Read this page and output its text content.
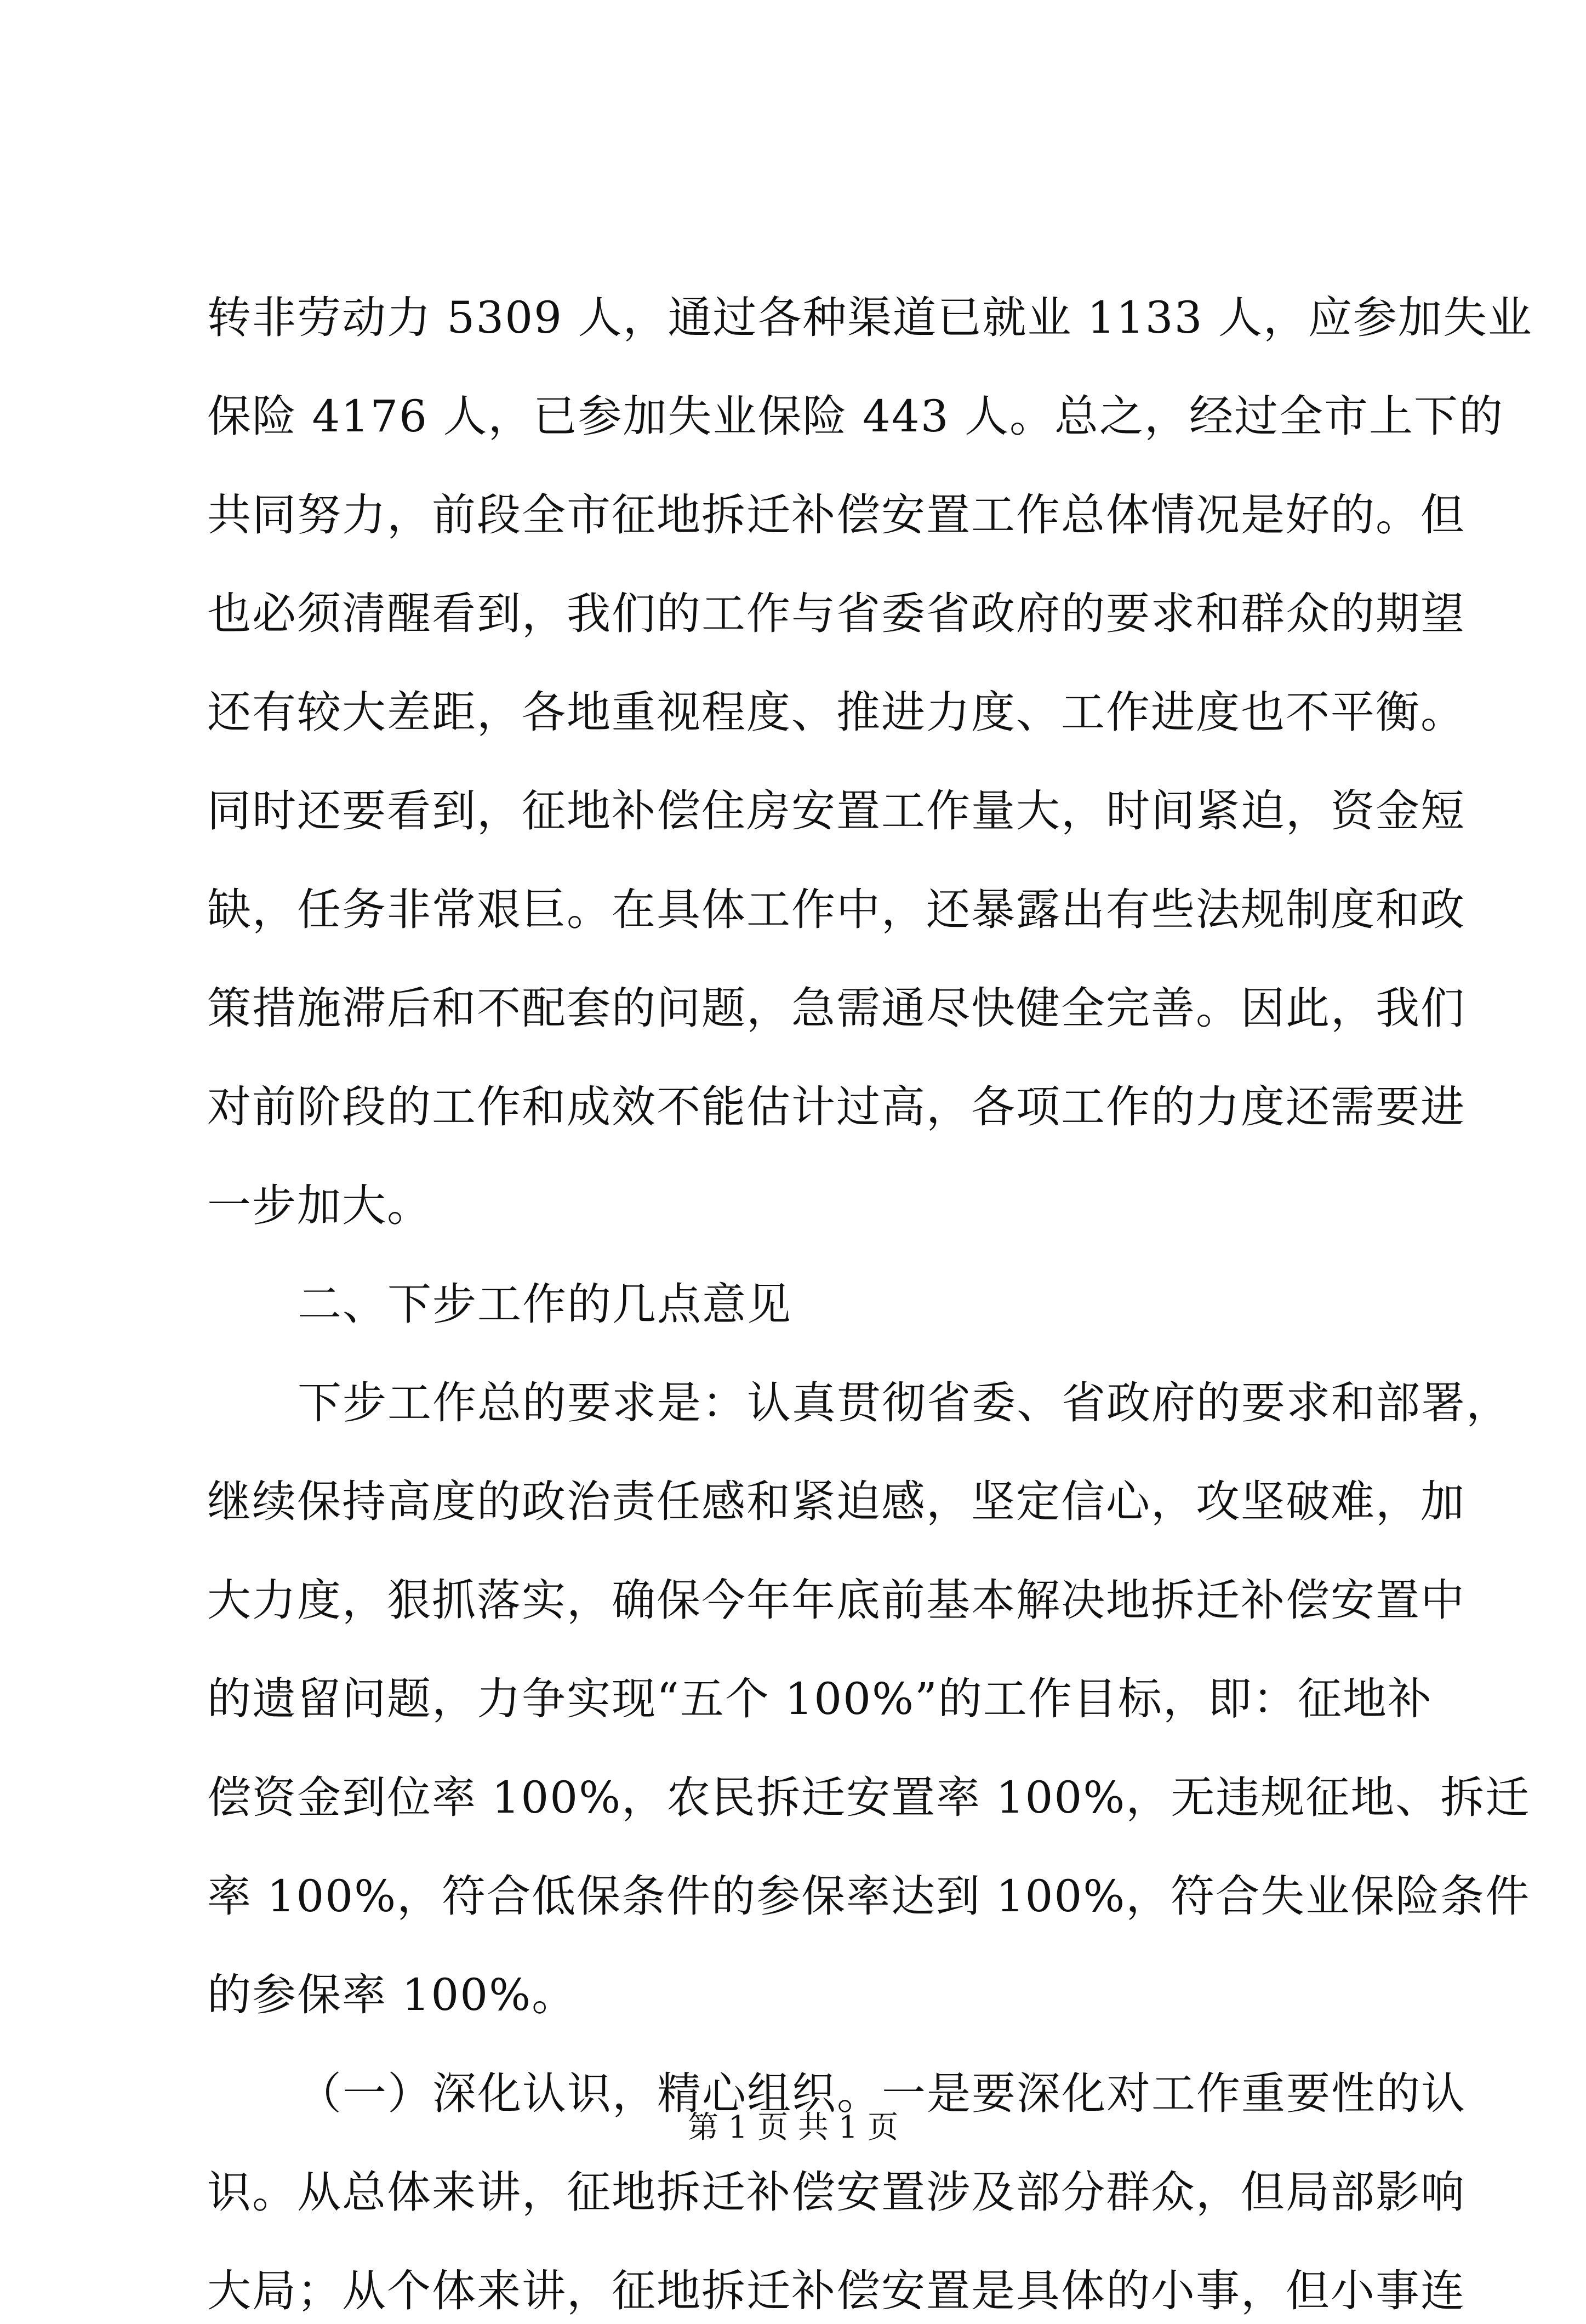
转非劳动力 5309 人，通过各种渠道已就业 1133 人，应参加失业
保险 4176 人，已参加失业保险 443 人。总之，经过全市上下的
共同努力，前段全市征地拆迁补偿安置工作总体情况是好的。但
也必须清醒看到，我们的工作与省委省政府的要求和群众的期望
还有较大差距，各地重视程度、推进力度、工作进度也不平衡。
同时还要看到，征地补偿住房安置工作量大，时间紧迫，资金短
缺，任务非常艰巨。在具体工作中，还暴露出有些法规制度和政
策措施滞后和不配套的问题，急需通尽快健全完善。因此，我们
对前阶段的工作和成效不能估计过高，各项工作的力度还需要进
一步加大。
二、下步工作的几点意见
下步工作总的要求是：认真贯彻省委、省政府的要求和部署，
继续保持高度的政治责任感和紧迫感，坚定信心，攻坚破难，加
大力度，狠抓落实，确保今年年底前基本解决地拆迁补偿安置中
的遗留问题，力争实现“五个 100%”的工作目标，即：征地补
偿资金到位率 100%，农民拆迁安置率 100%，无违规征地、拆迁
率 100%，符合低保条件的参保率达到 100%，符合失业保险条件
的参保率 100%。
（一）深化认识，精心组织。一是要深化对工作重要性的认
识。从总体来讲，征地拆迁补偿安置涉及部分群众，但局部影响
大局；从个体来讲，征地拆迁补偿安置是具体的小事，但小事连
第 1 页 共 1 页
